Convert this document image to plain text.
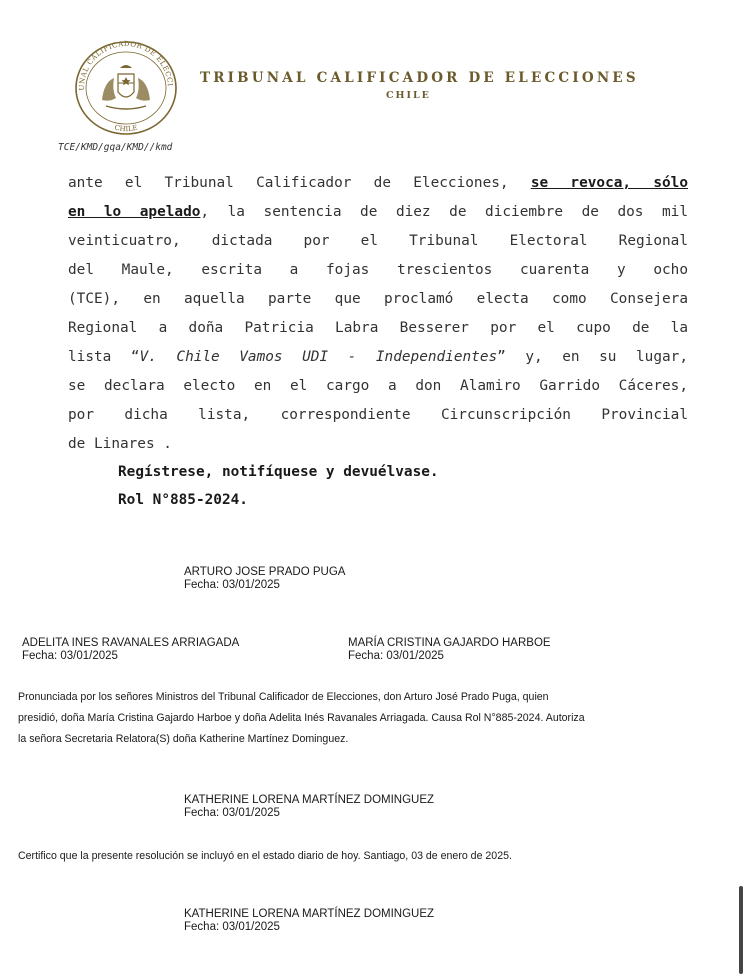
UNAL CALIFICADOR DE ELECCI
CHILE
TRIBUNAL CALIFICADOR DE ELECCIONES
CHILE
TCE/KMD/gqa/KMD//kmd
ante el Tribunal Calificador de Elecciones, se revoca, sólo
en lo apelado, la sentencia de diez de diciembre de dos mil
veinticuatro, dictada por el Tribunal Electoral Regional
del Maule, escrita a fojas trescientos cuarenta y ocho
(TCE), en aquella parte que proclamó electa como Consejera
Regional a doña Patricia Labra Besserer por el cupo de la
lista “V. Chile Vamos UDI - Independientes” y, en su lugar,
se declara electo en el cargo a don Alamiro Garrido Cáceres,
por dicha lista, correspondiente Circunscripción Provincial
de Linares .
Regístrese, notifíquese y devuélvase.
Rol N°885-2024.
ARTURO JOSE PRADO PUGA
Fecha: 03/01/2025
ADELITA INES RAVANALES ARRIAGADA
Fecha: 03/01/2025
MARÍA CRISTINA GAJARDO HARBOE
Fecha: 03/01/2025
Pronunciada por los señores Ministros del Tribunal Calificador de Elecciones, don Arturo José Prado Puga, quien
presidió, doña María Cristina Gajardo Harboe y doña Adelita Inés Ravanales Arriagada. Causa Rol N°885-2024. Autoriza
la señora Secretaria Relatora(S) doña Katherine Martínez Dominguez.
KATHERINE LORENA MARTÍNEZ DOMINGUEZ
Fecha: 03/01/2025
Certifico que la presente resolución se incluyó en el estado diario de hoy. Santiago, 03 de enero de 2025.
KATHERINE LORENA MARTÍNEZ DOMINGUEZ
Fecha: 03/01/2025
